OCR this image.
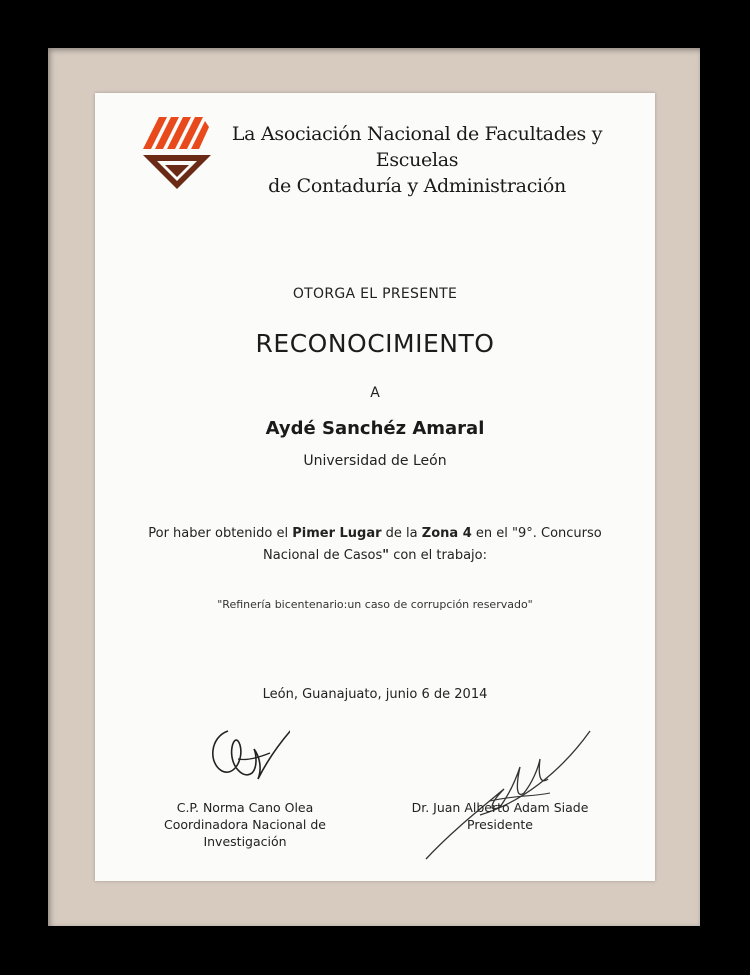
La Asociación Nacional de Facultades y Escuelas
de Contaduría y Administración
OTORGA EL PRESENTE
RECONOCIMIENTO
A
Aydé Sanchéz Amaral
Universidad de León
Por haber obtenido el Pimer Lugar de la Zona 4 en el "9°. Concurso Nacional de Casos" con el trabajo:
"Refinería bicentenario:un caso de corrupción reservado"
León, Guanajuato, junio 6 de 2014
C.P. Norma Cano Olea
Coordinadora Nacional de
Investigación
Dr. Juan Alberto Adam Siade
Presidente
